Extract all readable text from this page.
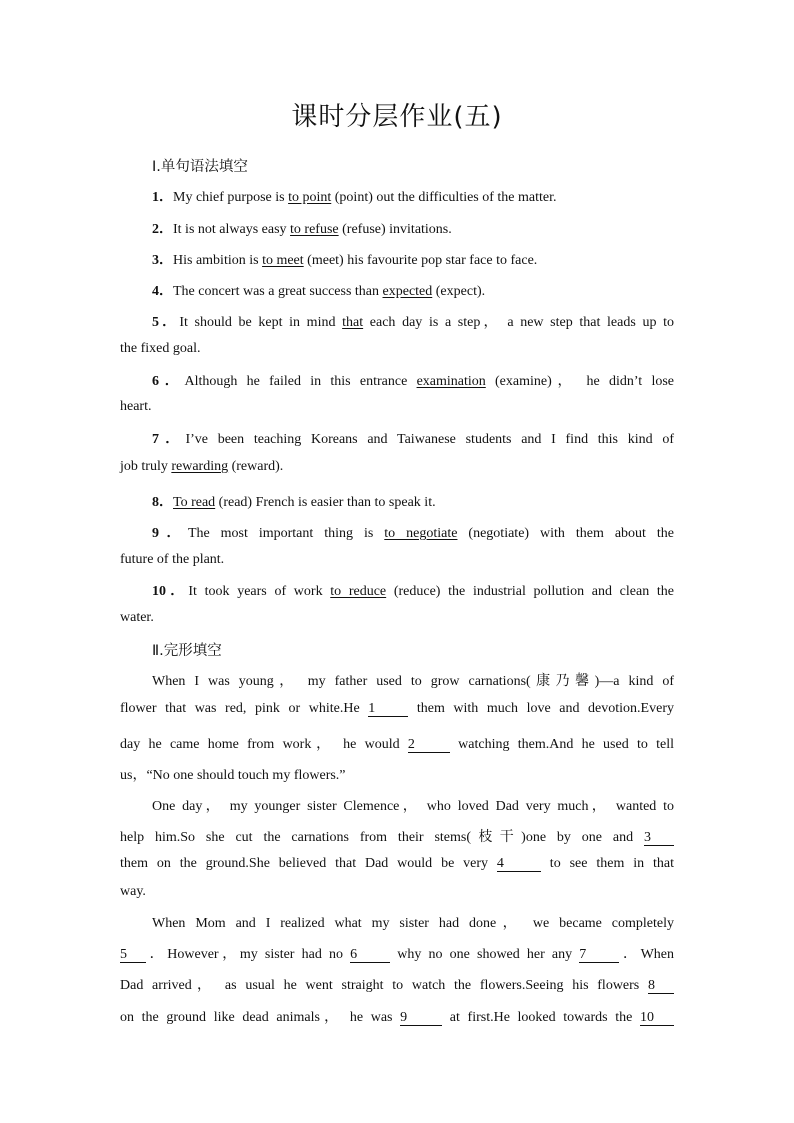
课时分层作业(五)
Ⅰ.单句语法填空
1．My chief purpose is to point (point) out the difficulties of the matter.
2．It is not always easy to refuse (refuse) invitations.
3．His ambition is to meet (meet) his favourite pop star face to face.
4．The concert was a great success than expected (expect).
5．It should be kept in mind that each day is a step， a new step that leads up to
the fixed goal.
6．Although he failed in this entrance examination (examine)， he didn’t lose
heart.
7．I’ve been teaching Koreans and Taiwanese students and I find this kind of
job truly rewarding (reward).
8．To read (read) French is easier than to speak it.
9．The most important thing is to negotiate (negotiate) with them about the
future of the plant.
10．It took years of work to reduce (reduce) the industrial pollution and clean the
water.
Ⅱ.完形填空
When I was young， my father used to grow carnations(康乃馨)—a kind of
flower that was red, pink or white.He 1 them with much love and devotion.Every
day he came home from work， he would 2	watching them.And he used to tell
us，“No one should touch my flowers.”
One day， my younger sister Clemence， who loved Dad very much， wanted to
help him.So she cut the carnations from their stems(枝干)one by one and 3
them on the ground.She believed that Dad would be very 4	to see them in that
way.
When Mom and I realized what my sister had done， we became completely
5 ．However，my sister had no 6 why no one showed her any 7 ．When
Dad arrived， as usual he went straight to watch the flowers.Seeing his flowers 8
on the ground like dead animals， he was 9	at first.He looked towards the 10
